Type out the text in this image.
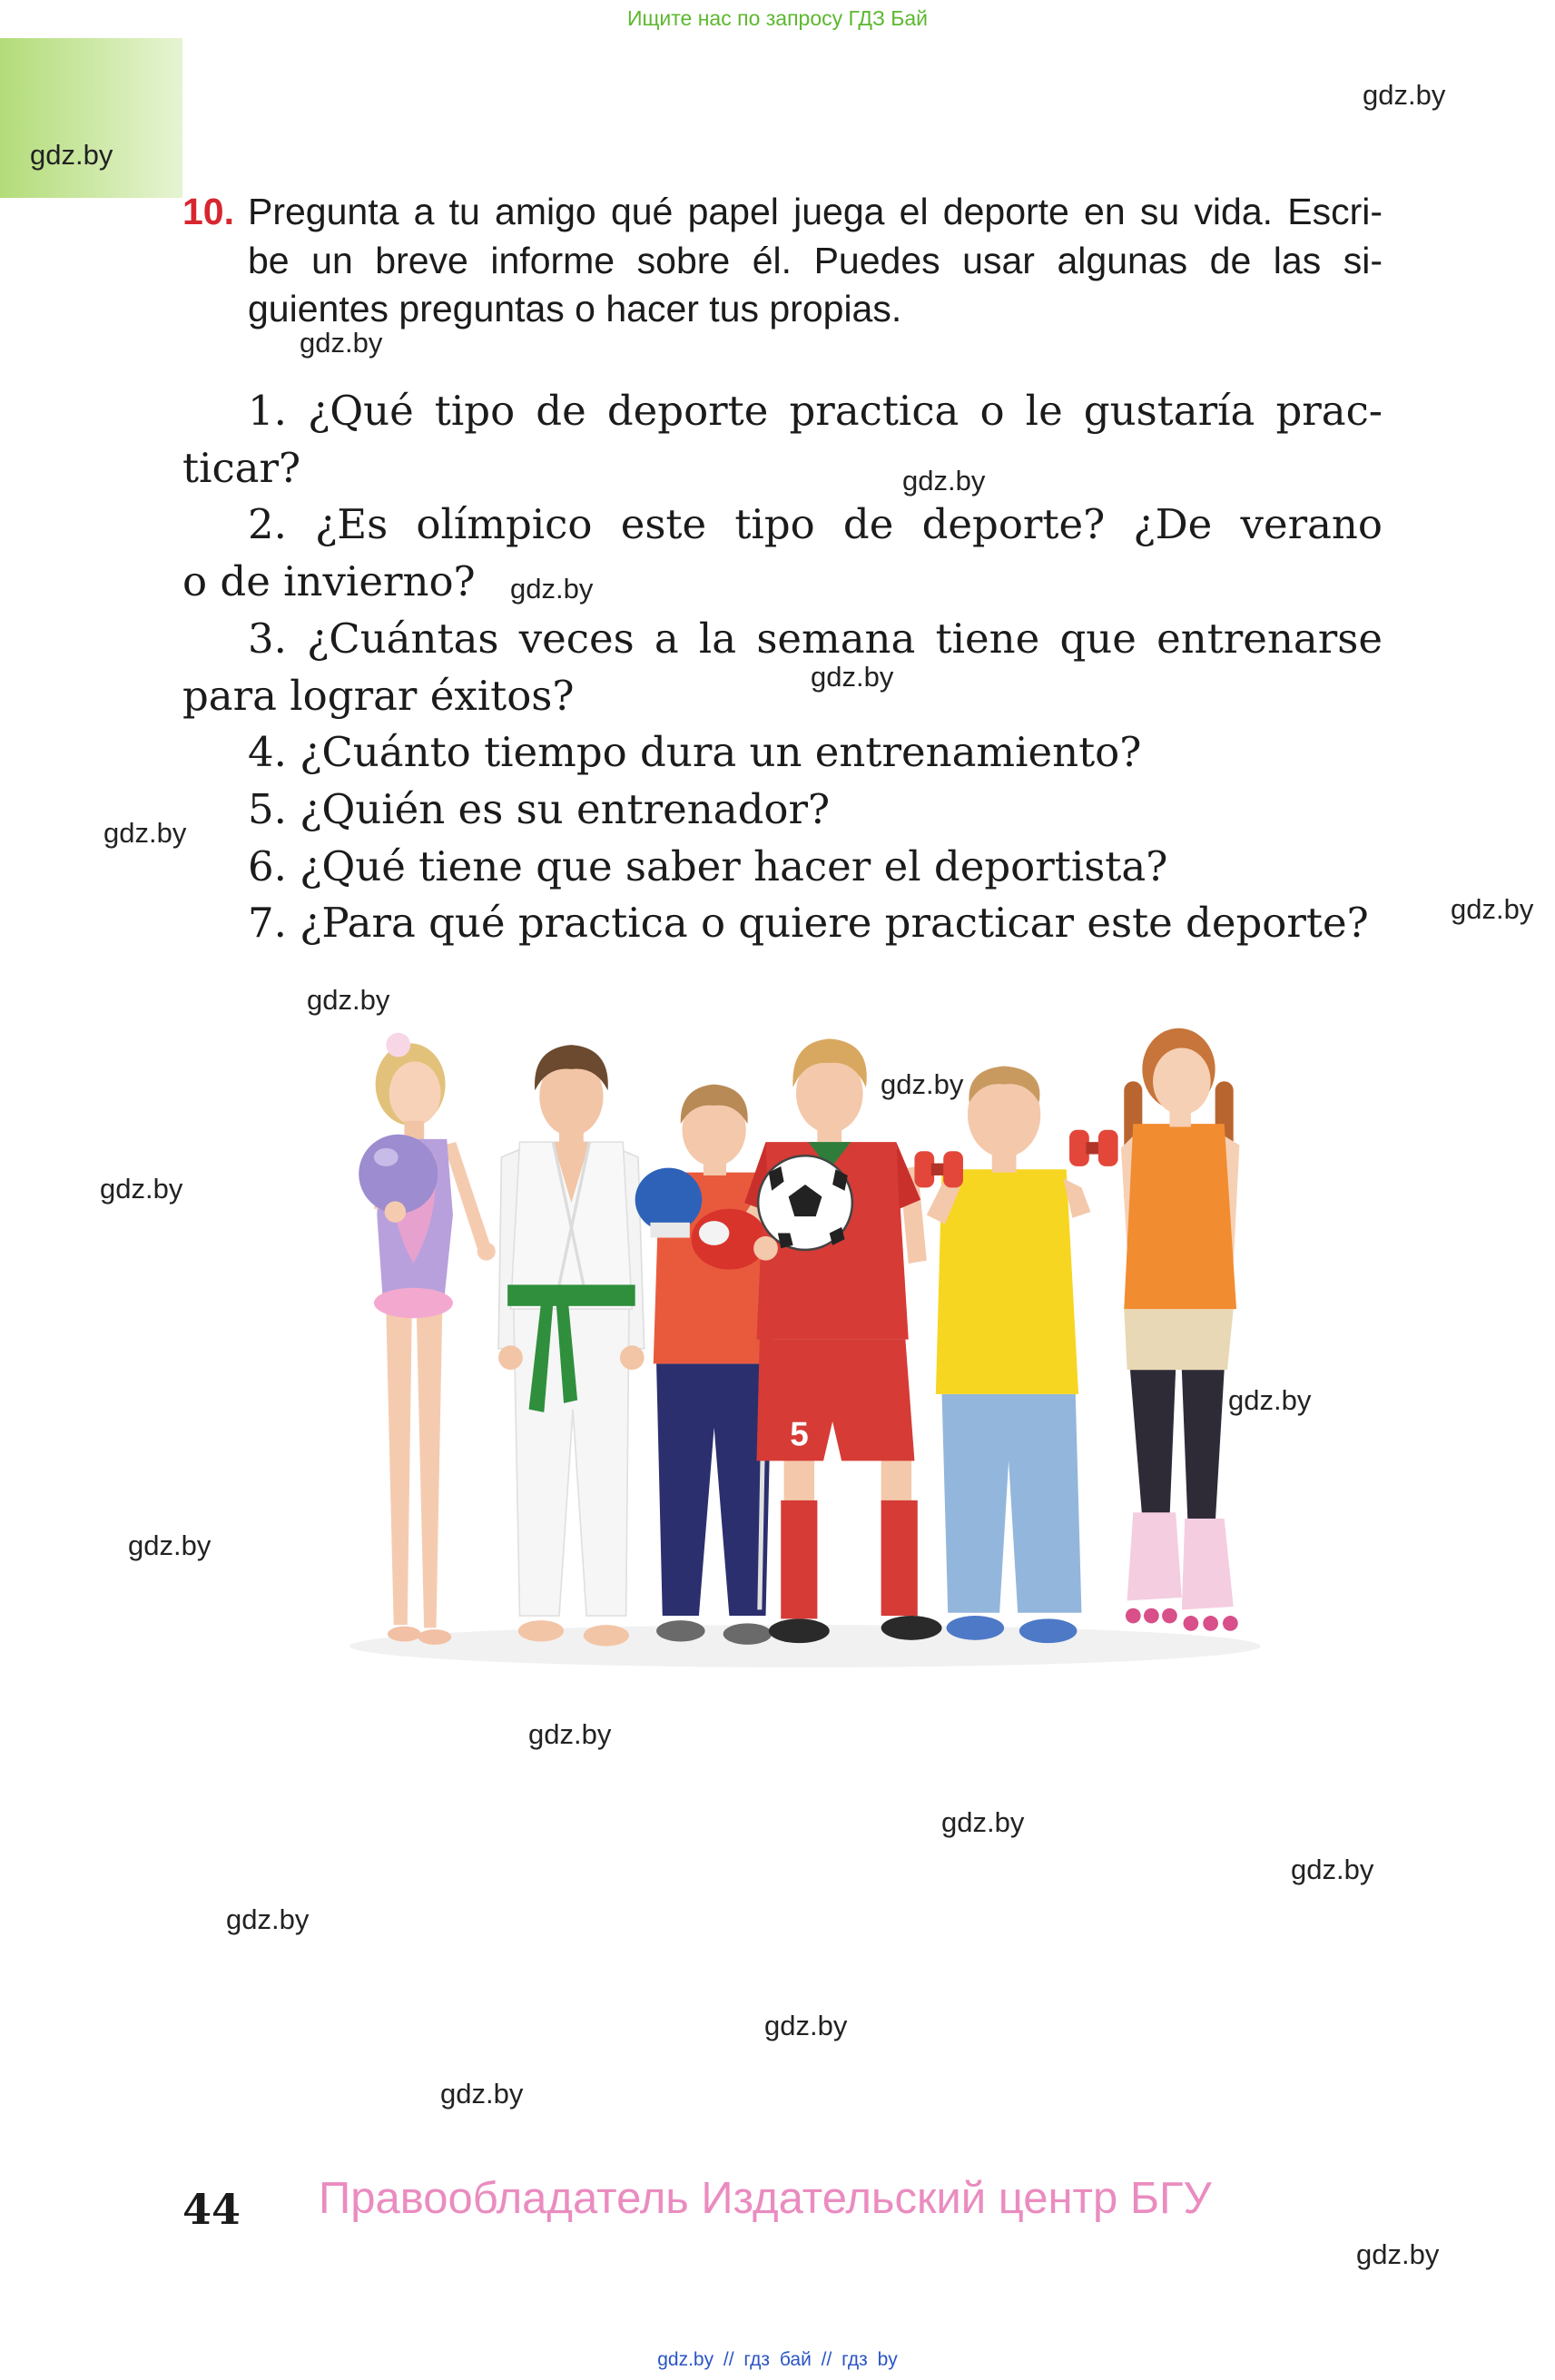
Ищите нас по запросу ГДЗ Бай
gdz.by
10. Pregunta a tu amigo qué papel juega el deporte en su vida. Escri-
be un breve informe sobre él. Puedes usar algunas de las si-
guientes preguntas o hacer tus propias.
1. ¿Qué tipo de deporte practica o le gustaría prac-
ticar?
2. ¿Es olímpico este tipo de deporte? ¿De verano
o de invierno?
3. ¿Cuántas veces a la semana tiene que entrenarse
para lograr éxitos?
4. ¿Cuánto tiempo dura un entrenamiento?
5. ¿Quién es su entrenador?
6. ¿Qué tiene que saber hacer el deportista?
7. ¿Para qué practica o quiere practicar este deporte?
5
gdz.by
gdz.by
gdz.by
gdz.by
gdz.by
gdz.by
gdz.by
gdz.by
gdz.by
gdz.by
gdz.by
gdz.by
gdz.by
gdz.by
gdz.by
gdz.by
gdz.by
gdz.by
gdz.by
44 Правообладатель Издательский центр БГУ
gdz.by // гдз бай // гдз by
